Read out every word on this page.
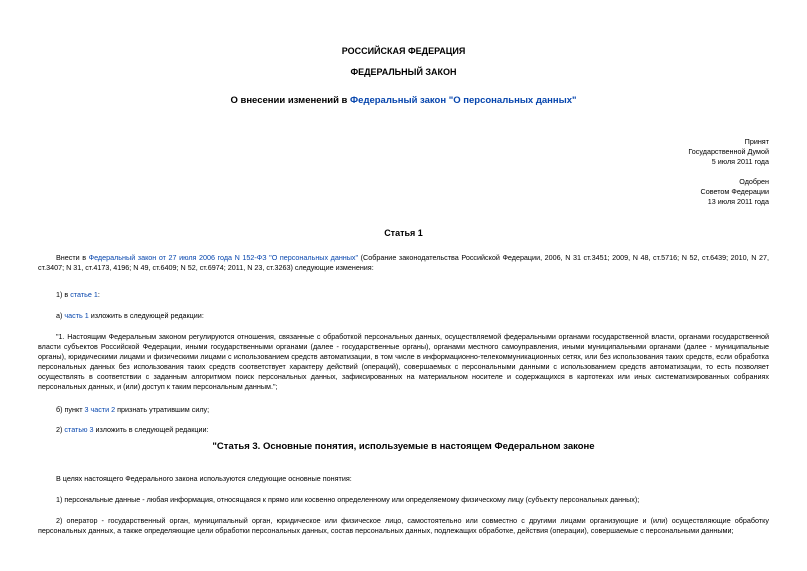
РОССИЙСКАЯ ФЕДЕРАЦИЯ
ФЕДЕРАЛЬНЫЙ ЗАКОН
О внесении изменений в Федеральный закон "О персональных данных"
Принят
Государственной Думой
5 июля 2011 года
Одобрен
Советом Федерации
13 июля 2011 года
Статья 1
Внести в Федеральный закон от 27 июля 2006 года N 152-ФЗ "О персональных данных" (Собрание законодательства Российской Федерации, 2006, N 31 ст.3451; 2009, N 48, ст.5716; N 52, ст.6439; 2010, N 27, ст.3407; N 31, ст.4173, 4196; N 49, ст.6409; N 52, ст.6974; 2011, N 23, ст.3263) следующие изменения:
1) в статье 1:
а) часть 1 изложить в следующей редакции:
"1. Настоящим Федеральным законом регулируются отношения, связанные с обработкой персональных данных, осуществляемой федеральными органами государственной власти, органами государственной власти субъектов Российской Федерации, иными государственными органами (далее - государственные органы), органами местного самоуправления, иными муниципальными органами (далее - муниципальные органы), юридическими лицами и физическими лицами с использованием средств автоматизации, в том числе в информационно-телекоммуникационных сетях, или без использования таких средств, если обработка персональных данных без использования таких средств соответствует характеру действий (операций), совершаемых с персональными данными с использованием средств автоматизации, то есть позволяет осуществлять в соответствии с заданным алгоритмом поиск персональных данных, зафиксированных на материальном носителе и содержащихся в картотеках или иных систематизированных собраниях персональных данных, и (или) доступ к таким персональным данным.";
б) пункт 3 части 2 признать утратившим силу;
2) статью 3 изложить в следующей редакции:
"Статья 3. Основные понятия, используемые в настоящем Федеральном законе
В целях настоящего Федерального закона используются следующие основные понятия:
1) персональные данные - любая информация, относящаяся к прямо или косвенно определенному или определяемому физическому лицу (субъекту персональных данных);
2) оператор - государственный орган, муниципальный орган, юридическое или физическое лицо, самостоятельно или совместно с другими лицами организующие и (или) осуществляющие обработку персональных данных, а также определяющие цели обработки персональных данных, состав персональных данных, подлежащих обработке, действия (операции), совершаемые с персональными данными;
